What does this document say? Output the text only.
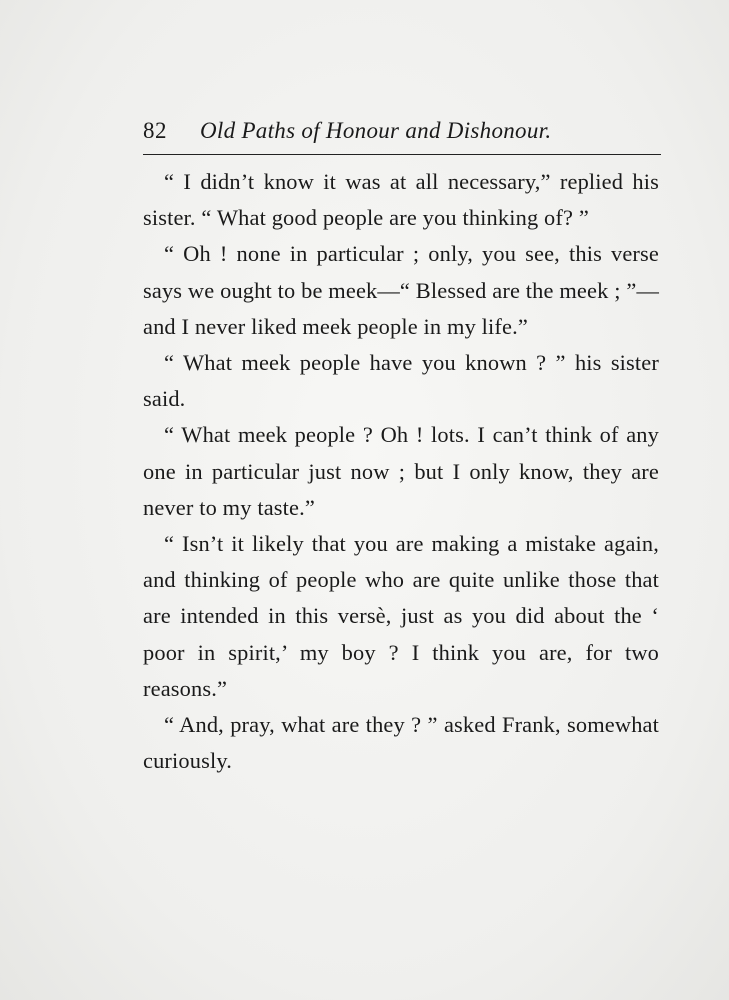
82 Old Paths of Honour and Dishonour.

“ I didn’t know it was at all necessary,” replied his sister. “ What good people are you thinking of? ”

“ Oh ! none in particular ; only, you see, this verse says we ought to be meek—“ Blessed are the meek ; ”—and I never liked meek people in my life.”

“ What meek people have you known ? ” his sister said.

“ What meek people ? Oh ! lots. I can’t think of any one in particular just now ; but I only know, they are never to my taste.”

“ Isn’t it likely that you are making a mistake again, and thinking of people who are quite unlike those that are intended in this versè, just as you did about the ‘ poor in spirit,’ my boy ? I think you are, for two reasons.”

“ And, pray, what are they ? ” asked Frank, somewhat curiously.
